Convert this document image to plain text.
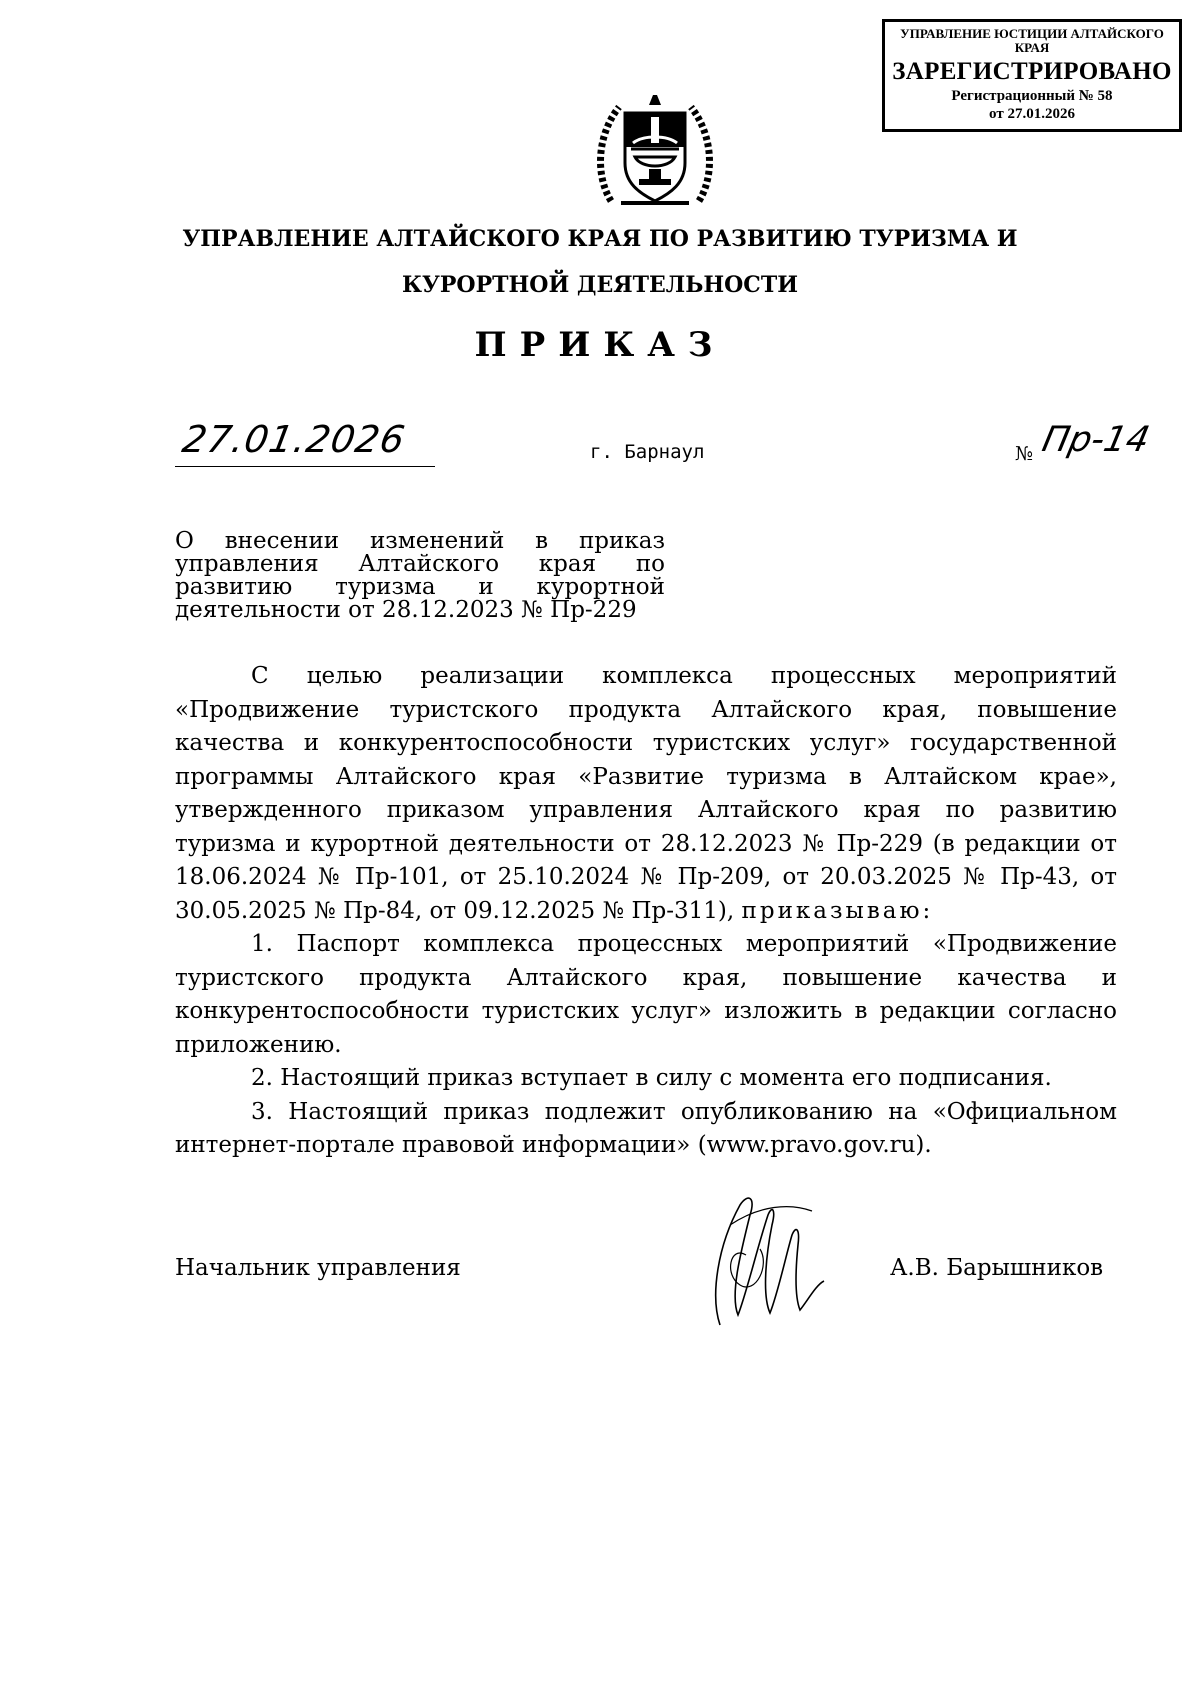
УПРАВЛЕНИЕ ЮСТИЦИИ АЛТАЙСКОГО КРАЯ
ЗАРЕГИСТРИРОВАНО
Регистрационный № 58
от 27.01.2026
УПРАВЛЕНИЕ АЛТАЙСКОГО КРАЯ ПО РАЗВИТИЮ ТУРИЗМА И
КУРОРТНОЙ ДЕЯТЕЛЬНОСТИ
ПРИКАЗ
27.01.2026	г. Барнаул	№ Пр-14
О внесении изменений в приказ
управления Алтайского края по
развитию туризма и курортной
деятельности от 28.12.2023 № Пр-229
С целью реализации комплекса процессных мероприятий «Продвижение туристского продукта Алтайского края, повышение качества и конкурентоспособности туристских услуг» государственной программы Алтайского края «Развитие туризма в Алтайском крае», утвержденного приказом управления Алтайского края по развитию туризма и курортной деятельности от 28.12.2023 № Пр-229 (в редакции от 18.06.2024 № Пр-101, от 25.10.2024 № Пр-209, от 20.03.2025 № Пр-43, от 30.05.2025 № Пр-84, от 09.12.2025 № Пр-311), приказываю:
1. Паспорт комплекса процессных мероприятий «Продвижение туристского продукта Алтайского края, повышение качества и конкурентоспособности туристских услуг» изложить в редакции согласно приложению.
2. Настоящий приказ вступает в силу с момента его подписания.
3. Настоящий приказ подлежит опубликованию на «Официальном интернет-портале правовой информации» (www.pravo.gov.ru).
Начальник управления	А.В. Барышников
